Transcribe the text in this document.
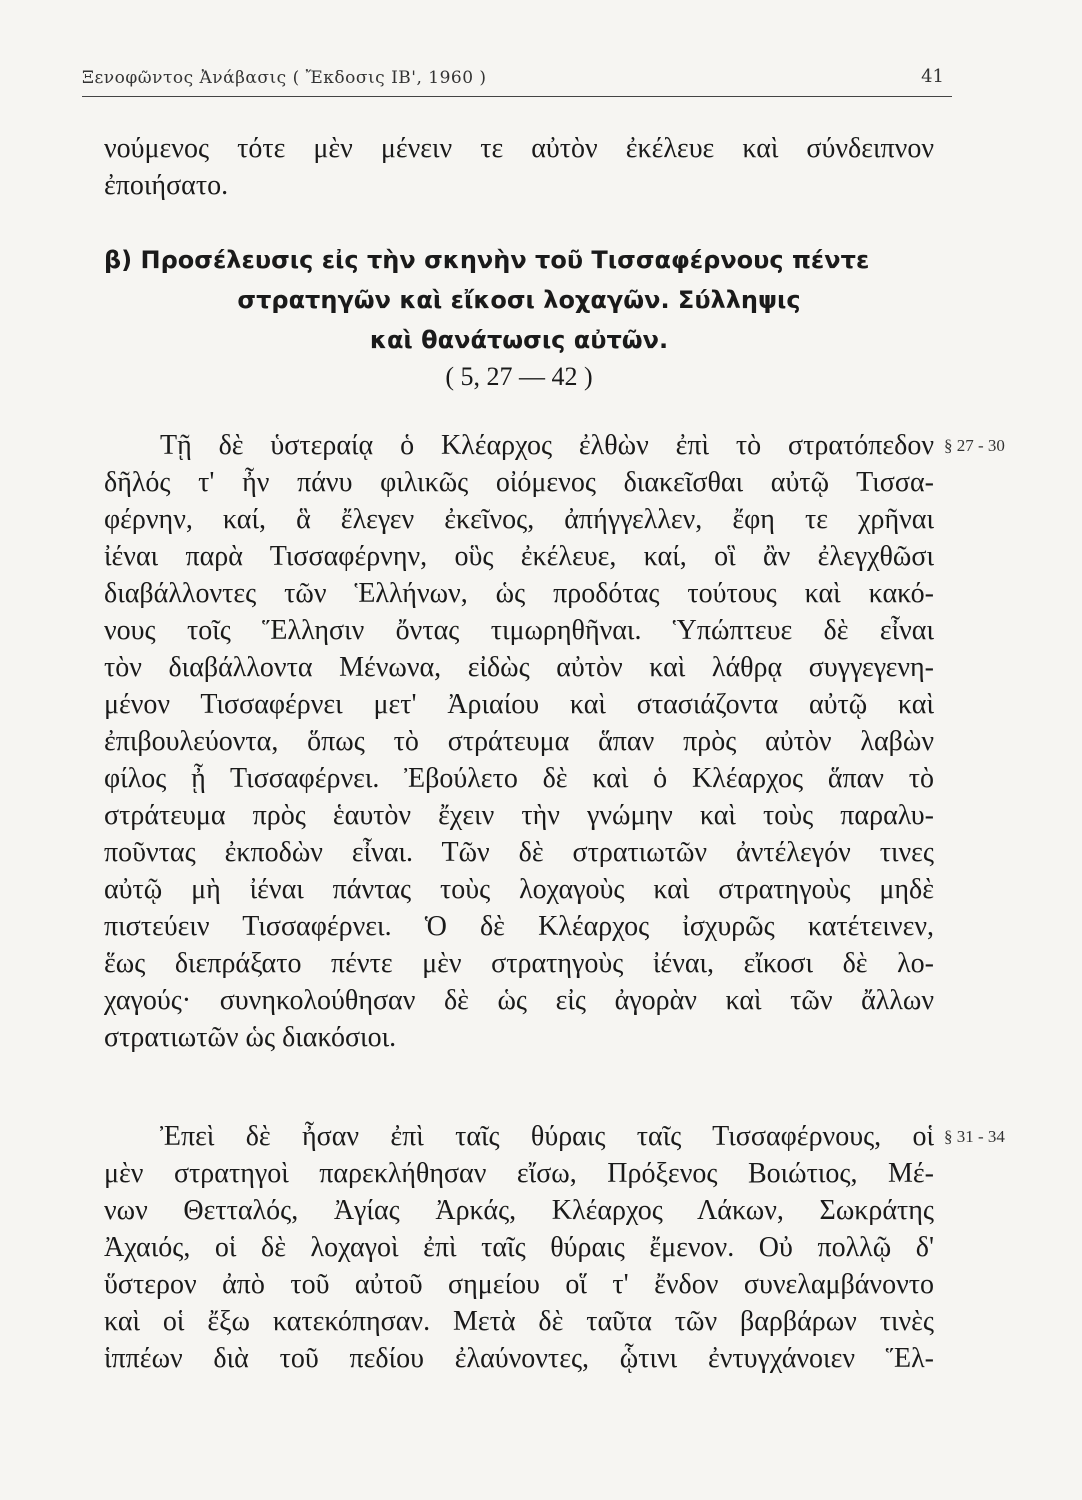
Ξενοφῶντος Ἀνάβασις ( Ἔκδοσις ΙΒ', 1960 )	41
νούμενος τότε μὲν μένειν τε αὐτὸν ἐκέλευε καὶ σύνδειπνον
ἐποιήσατο.
β) Προσέλευσις εἰς τὴν σκηνὴν τοῦ Τισσαφέρνους πέντε
στρατηγῶν καὶ εἴκοσι λοχαγῶν. Σύλληψις
καὶ θανάτωσις αὐτῶν.
( 5, 27 — 42 )
Τῇ δὲ ὑστεραίᾳ ὁ Κλέαρχος ἐλθὼν ἐπὶ τὸ στρατόπεδον
δῆλός τ' ἦν πάνυ φιλικῶς οἰόμενος διακεῖσθαι αὐτῷ Τισσα-
φέρνην, καί, ἃ ἔλεγεν ἐκεῖνος, ἀπήγγελλεν, ἔφη τε χρῆναι
ἰέναι παρὰ Τισσαφέρνην, οὓς ἐκέλευε, καί, οἳ ἂν ἐλεγχθῶσι
διαβάλλοντες τῶν Ἑλλήνων, ὡς προδότας τούτους καὶ κακό-
νους τοῖς Ἕλλησιν ὄντας τιμωρηθῆναι. Ὑπώπτευε δὲ εἶναι
τὸν διαβάλλοντα Μένωνα, εἰδὼς αὐτὸν καὶ λάθρᾳ συγγεγενη-
μένον Τισσαφέρνει μετ' Ἀριαίου καὶ στασιάζοντα αὐτῷ καὶ
ἐπιβουλεύοντα, ὅπως τὸ στράτευμα ἅπαν πρὸς αὐτὸν λαβὼν
φίλος ᾖ Τισσαφέρνει. Ἐβούλετο δὲ καὶ ὁ Κλέαρχος ἅπαν τὸ
στράτευμα πρὸς ἑαυτὸν ἔχειν τὴν γνώμην καὶ τοὺς παραλυ-
ποῦντας ἐκποδὼν εἶναι. Τῶν δὲ στρατιωτῶν ἀντέλεγόν τινες
αὐτῷ μὴ ἰέναι πάντας τοὺς λοχαγοὺς καὶ στρατηγοὺς μηδὲ
πιστεύειν Τισσαφέρνει. Ὁ δὲ Κλέαρχος ἰσχυρῶς κατέτεινεν,
ἕως διεπράξατο πέντε μὲν στρατηγοὺς ἰέναι, εἴκοσι δὲ λο-
χαγούς· συνηκολούθησαν δὲ ὡς εἰς ἀγορὰν καὶ τῶν ἄλλων
στρατιωτῶν ὡς διακόσιοι.
§ 27 - 30
Ἐπεὶ δὲ ἦσαν ἐπὶ ταῖς θύραις ταῖς Τισσαφέρνους, οἱ
μὲν στρατηγοὶ παρεκλήθησαν εἴσω, Πρόξενος Βοιώτιος, Μέ-
νων Θετταλός, Ἀγίας Ἀρκάς, Κλέαρχος Λάκων, Σωκράτης
Ἀχαιός, οἱ δὲ λοχαγοὶ ἐπὶ ταῖς θύραις ἔμενον. Οὐ πολλῷ δ'
ὕστερον ἀπὸ τοῦ αὐτοῦ σημείου οἵ τ' ἔνδον συνελαμβάνοντο
καὶ οἱ ἔξω κατεκόπησαν. Μετὰ δὲ ταῦτα τῶν βαρβάρων τινὲς
ἱππέων διὰ τοῦ πεδίου ἐλαύνοντες, ᾧτινι ἐντυγχάνοιεν Ἕλ-
§ 31 - 34
